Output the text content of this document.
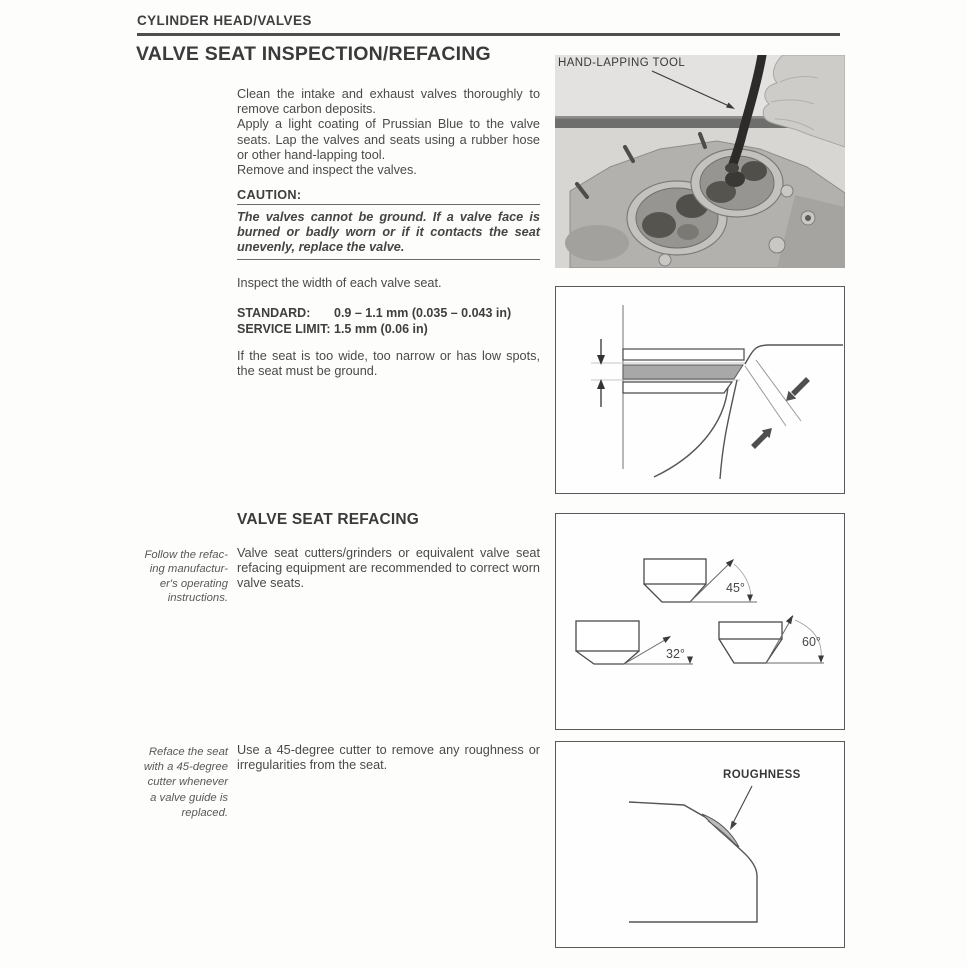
CYLINDER HEAD/VALVES
VALVE SEAT INSPECTION/REFACING
Clean the intake and exhaust valves thoroughly to remove carbon deposits.
Apply a light coating of Prussian Blue to the valve seats. Lap the valves and seats using a rubber hose or other hand-lapping tool.
Remove and inspect the valves.
CAUTION:
The valves cannot be ground. If a valve face is burned or badly worn or if it contacts the seat unevenly, replace the valve.
Inspect the width of each valve seat.
STANDARD:	0.9 – 1.1 mm (0.035 – 0.043 in)
SERVICE LIMIT: 1.5 mm (0.06 in)
If the seat is too wide, too narrow or has low spots, the seat must be ground.
VALVE SEAT REFACING
Follow the refac-
ing manufactur-
er's operating
instructions.
Valve seat cutters/grinders or equivalent valve seat refacing equipment are recommended to correct worn valve seats.
Reface the seat
with a 45-degree
cutter whenever
a valve guide is
replaced.
Use a 45-degree cutter to remove any roughness or irregularities from the seat.
HAND-LAPPING TOOL
45°
32°
60°
ROUGHNESS
